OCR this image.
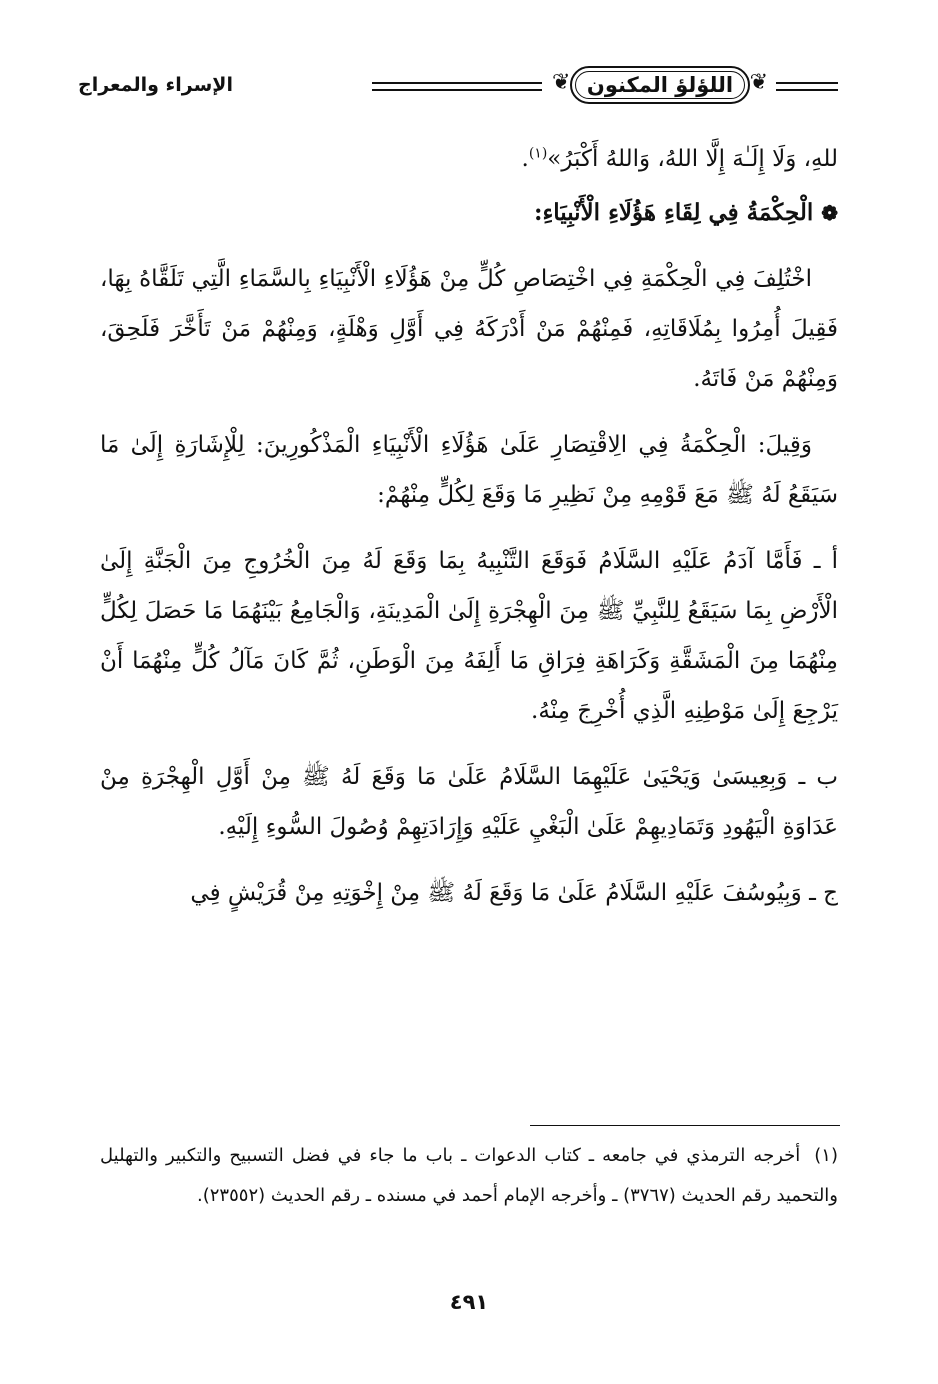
❦
اللؤلؤ المكنون
❦
الإسراء والمعراج

للهِ، وَلَا إِلَـٰهَ إِلَّا اللهُ، وَاللهُ أَكْبَرُ»$^{(١)}$.

❁الْحِكْمَةُ فِي لِقَاءِ هَؤُلَاءِ الْأَنْبِيَاءِ:

اخْتُلِفَ فِي الْحِكْمَةِ فِي اخْتِصَاصِ كُلٍّ مِنْ هَؤُلَاءِ الْأَنْبِيَاءِ بِالسَّمَاءِ الَّتِي تَلَقَّاهُ بِهَا، فَقِيلَ أُمِرُوا بِمُلَاقَاتِهِ، فَمِنْهُمْ مَنْ أَدْرَكَهُ فِي أَوَّلِ وَهْلَةٍ، وَمِنْهُمْ مَنْ تَأَخَّرَ فَلَحِقَ، وَمِنْهُمْ مَنْ فَاتَهُ.

وَقِيلَ: الْحِكْمَةُ فِي الِاقْتِصَارِ عَلَىٰ هَؤُلَاءِ الْأَنْبِيَاءِ الْمَذْكُورِينَ: لِلْإِشَارَةِ إِلَىٰ مَا سَيَقَعُ لَهُ ﷺ مَعَ قَوْمِهِ مِنْ نَظِيرِ مَا وَقَعَ لِكُلٍّ مِنْهُمْ:

أ ـ فَأَمَّا آدَمُ عَلَيْهِ السَّلَامُ فَوَقَعَ التَّنْبِيهُ بِمَا وَقَعَ لَهُ مِنَ الْخُرُوجِ مِنَ الْجَنَّةِ إِلَىٰ الْأَرْضِ بِمَا سَيَقَعُ لِلنَّبِيِّ ﷺ مِنَ الْهِجْرَةِ إِلَىٰ الْمَدِينَةِ، وَالْجَامِعُ بَيْنَهُمَا مَا حَصَلَ لِكُلٍّ مِنْهُمَا مِنَ الْمَشَقَّةِ وَكَرَاهَةِ فِرَاقِ مَا أَلِفَهُ مِنَ الْوَطَنِ، ثُمَّ كَانَ مَآلُ كُلٍّ مِنْهُمَا أَنْ يَرْجِعَ إِلَىٰ مَوْطِنِهِ الَّذِي أُخْرِجَ مِنْهُ.

ب ـ وَبِعِيسَىٰ وَيَحْيَىٰ عَلَيْهِمَا السَّلَامُ عَلَىٰ مَا وَقَعَ لَهُ ﷺ مِنْ أَوَّلِ الْهِجْرَةِ مِنْ عَدَاوَةِ الْيَهُودِ وَتَمَادِيهِمْ عَلَىٰ الْبَغْيِ عَلَيْهِ وَإِرَادَتِهِمْ وُصُولَ السُّوءِ إِلَيْهِ.

ج ـ وَبِيُوسُفَ عَلَيْهِ السَّلَامُ عَلَىٰ مَا وَقَعَ لَهُ ﷺ مِنْ إِخْوَتِهِ مِنْ قُرَيْشٍ فِي

(١)أخرجه الترمذي في جامعه ـ كتاب الدعوات ـ باب ما جاء في فضل التسبيح والتكبير والتهليل والتحميد رقم الحديث (٣٧٦٧) ـ وأخرجه الإمام أحمد في مسنده ـ رقم الحديث (٢٣٥٥٢).
٤٩١
